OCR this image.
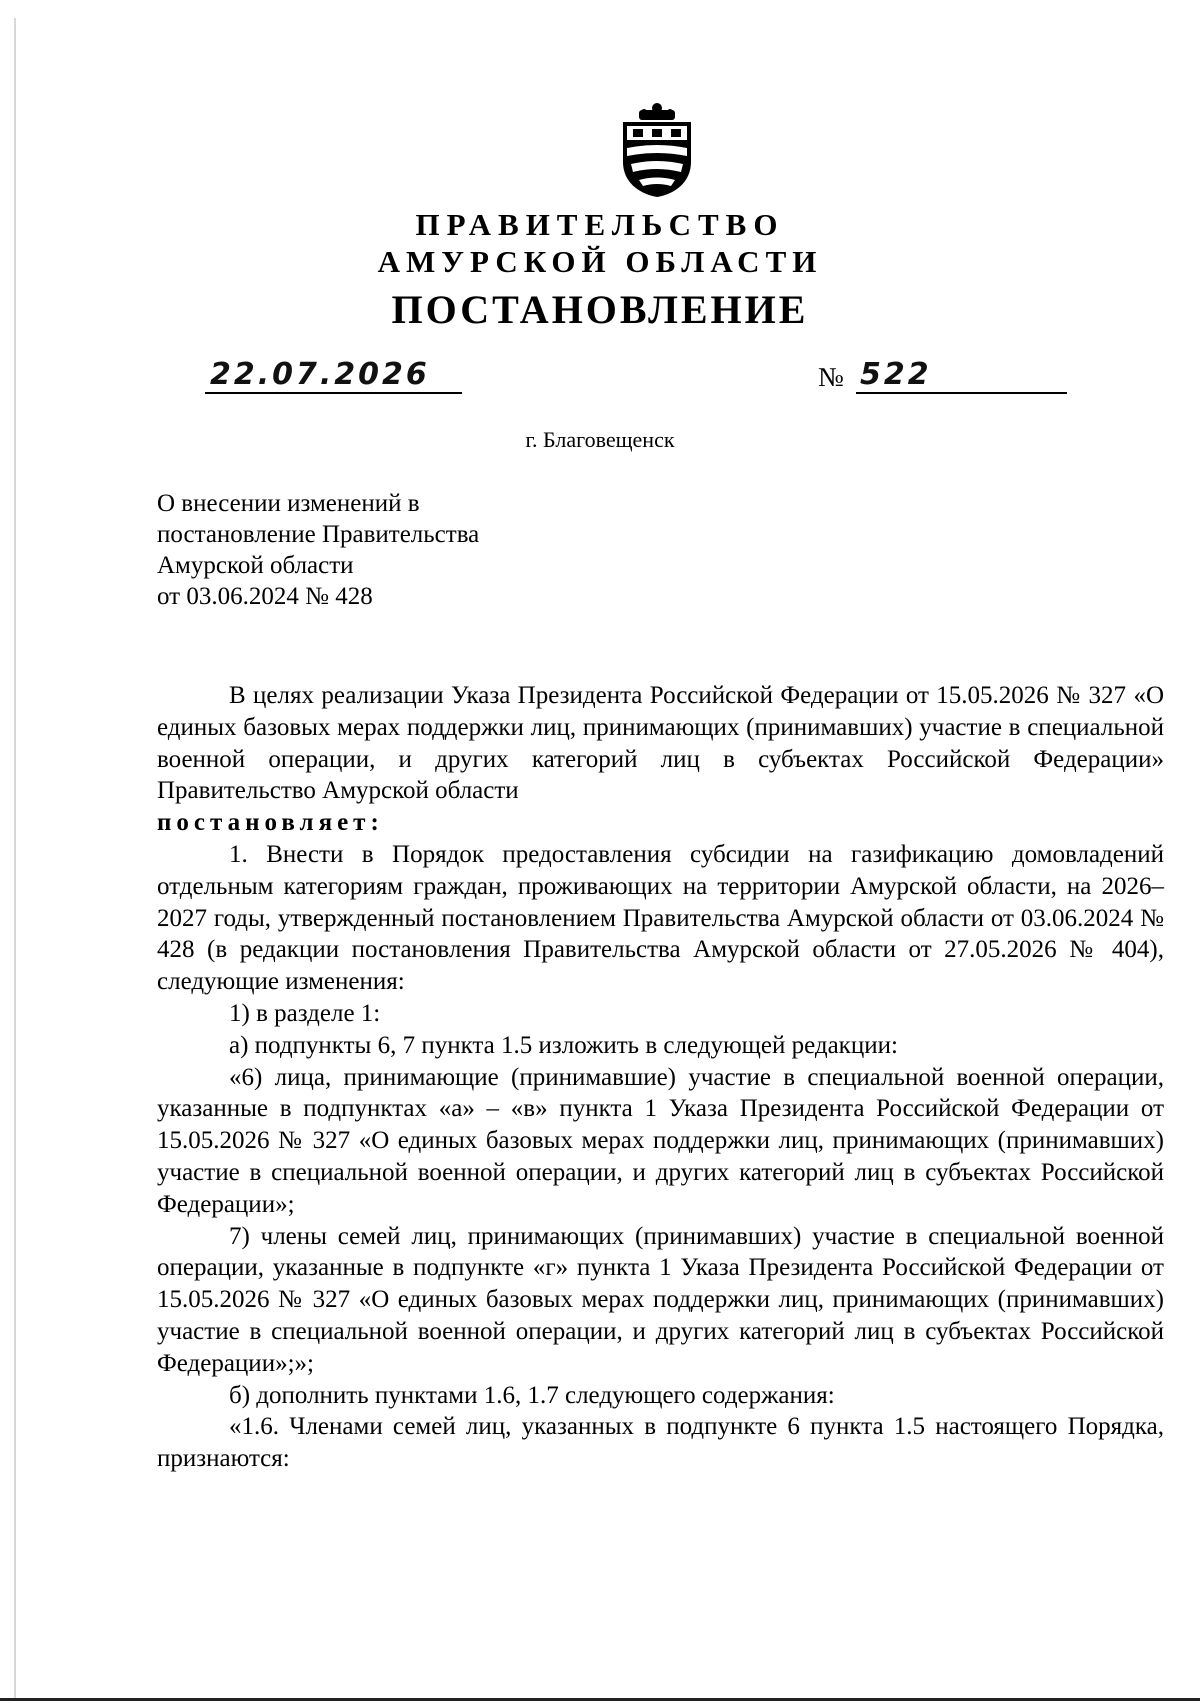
ПРАВИТЕЛЬСТВО
АМУРСКОЙ ОБЛАСТИ
ПОСТАНОВЛЕНИЕ
22.07.2026	№ 522
г. Благовещенск
О внесении изменений в
постановление Правительства
Амурской области
от 03.06.2024 № 428

В целях реализации Указа Президента Российской Федерации от 15.05.2026 № 327 «О единых базовых мерах поддержки лиц, принимающих (принимавших) участие в специальной военной операции, и других категорий лиц в субъектах Российской Федерации» Правительство Амурской области

постановляет:

1. Внести в Порядок предоставления субсидии на газификацию домовладений отдельным категориям граждан, проживающих на территории Амурской области, на 2026–2027 годы, утвержденный постановлением Правительства Амурской области от 03.06.2024 № 428 (в редакции постановления Правительства Амурской области от 27.05.2026 № 404), следующие изменения:

1) в разделе 1:

а) подпункты 6, 7 пункта 1.5 изложить в следующей редакции:

«6) лица, принимающие (принимавшие) участие в специальной военной операции, указанные в подпунктах «а» – «в» пункта 1 Указа Президента Российской Федерации от 15.05.2026 № 327 «О единых базовых мерах поддержки лиц, принимающих (принимавших) участие в специальной военной операции, и других категорий лиц в субъектах Российской Федерации»;

7) члены семей лиц, принимающих (принимавших) участие в специальной военной операции, указанные в подпункте «г» пункта 1 Указа Президента Российской Федерации от 15.05.2026 № 327 «О единых базовых мерах поддержки лиц, принимающих (принимавших) участие в специальной военной операции, и других категорий лиц в субъектах Российской Федерации»;»;

б) дополнить пунктами 1.6, 1.7 следующего содержания:

«1.6. Членами семей лиц, указанных в подпункте 6 пункта 1.5 настоящего Порядка, признаются:
